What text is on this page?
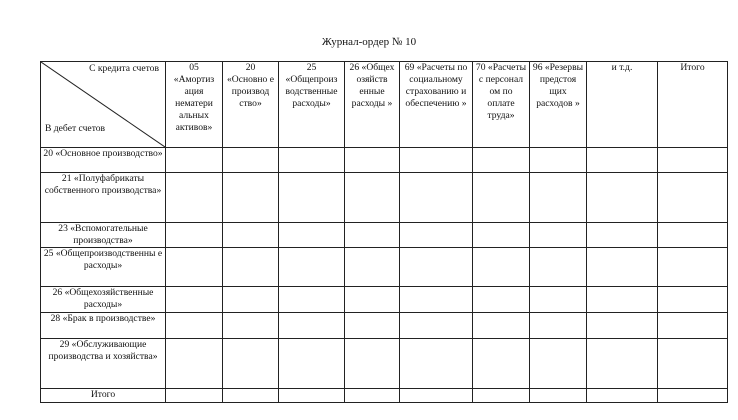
Журнал-ордер № 10
С кредита счетов
В дебет счетов	05 «Амортиз ация нематери альных активов»	20 «Основно е производ ство»	25 «Общепроиз водственные расходы»	26 «Общех озяйств енные расходы »	69 «Расчеты по социальному страхованию и обеспечению »	70 «Расчеты с персонал ом по оплате труда»	96 «Резервы предстоя щих расходов »	и т.д.	Итого
20 «Основное производство»									
21 «Полуфабрикаты собственного производства»									
23 «Вспомогательные производства»									
25 «Общепроизводственны е расходы»									
26 «Общехозяйственные расходы»									
28 «Брак в производстве»									
29 «Обслуживающие производства и хозяйства»									
Итого									
